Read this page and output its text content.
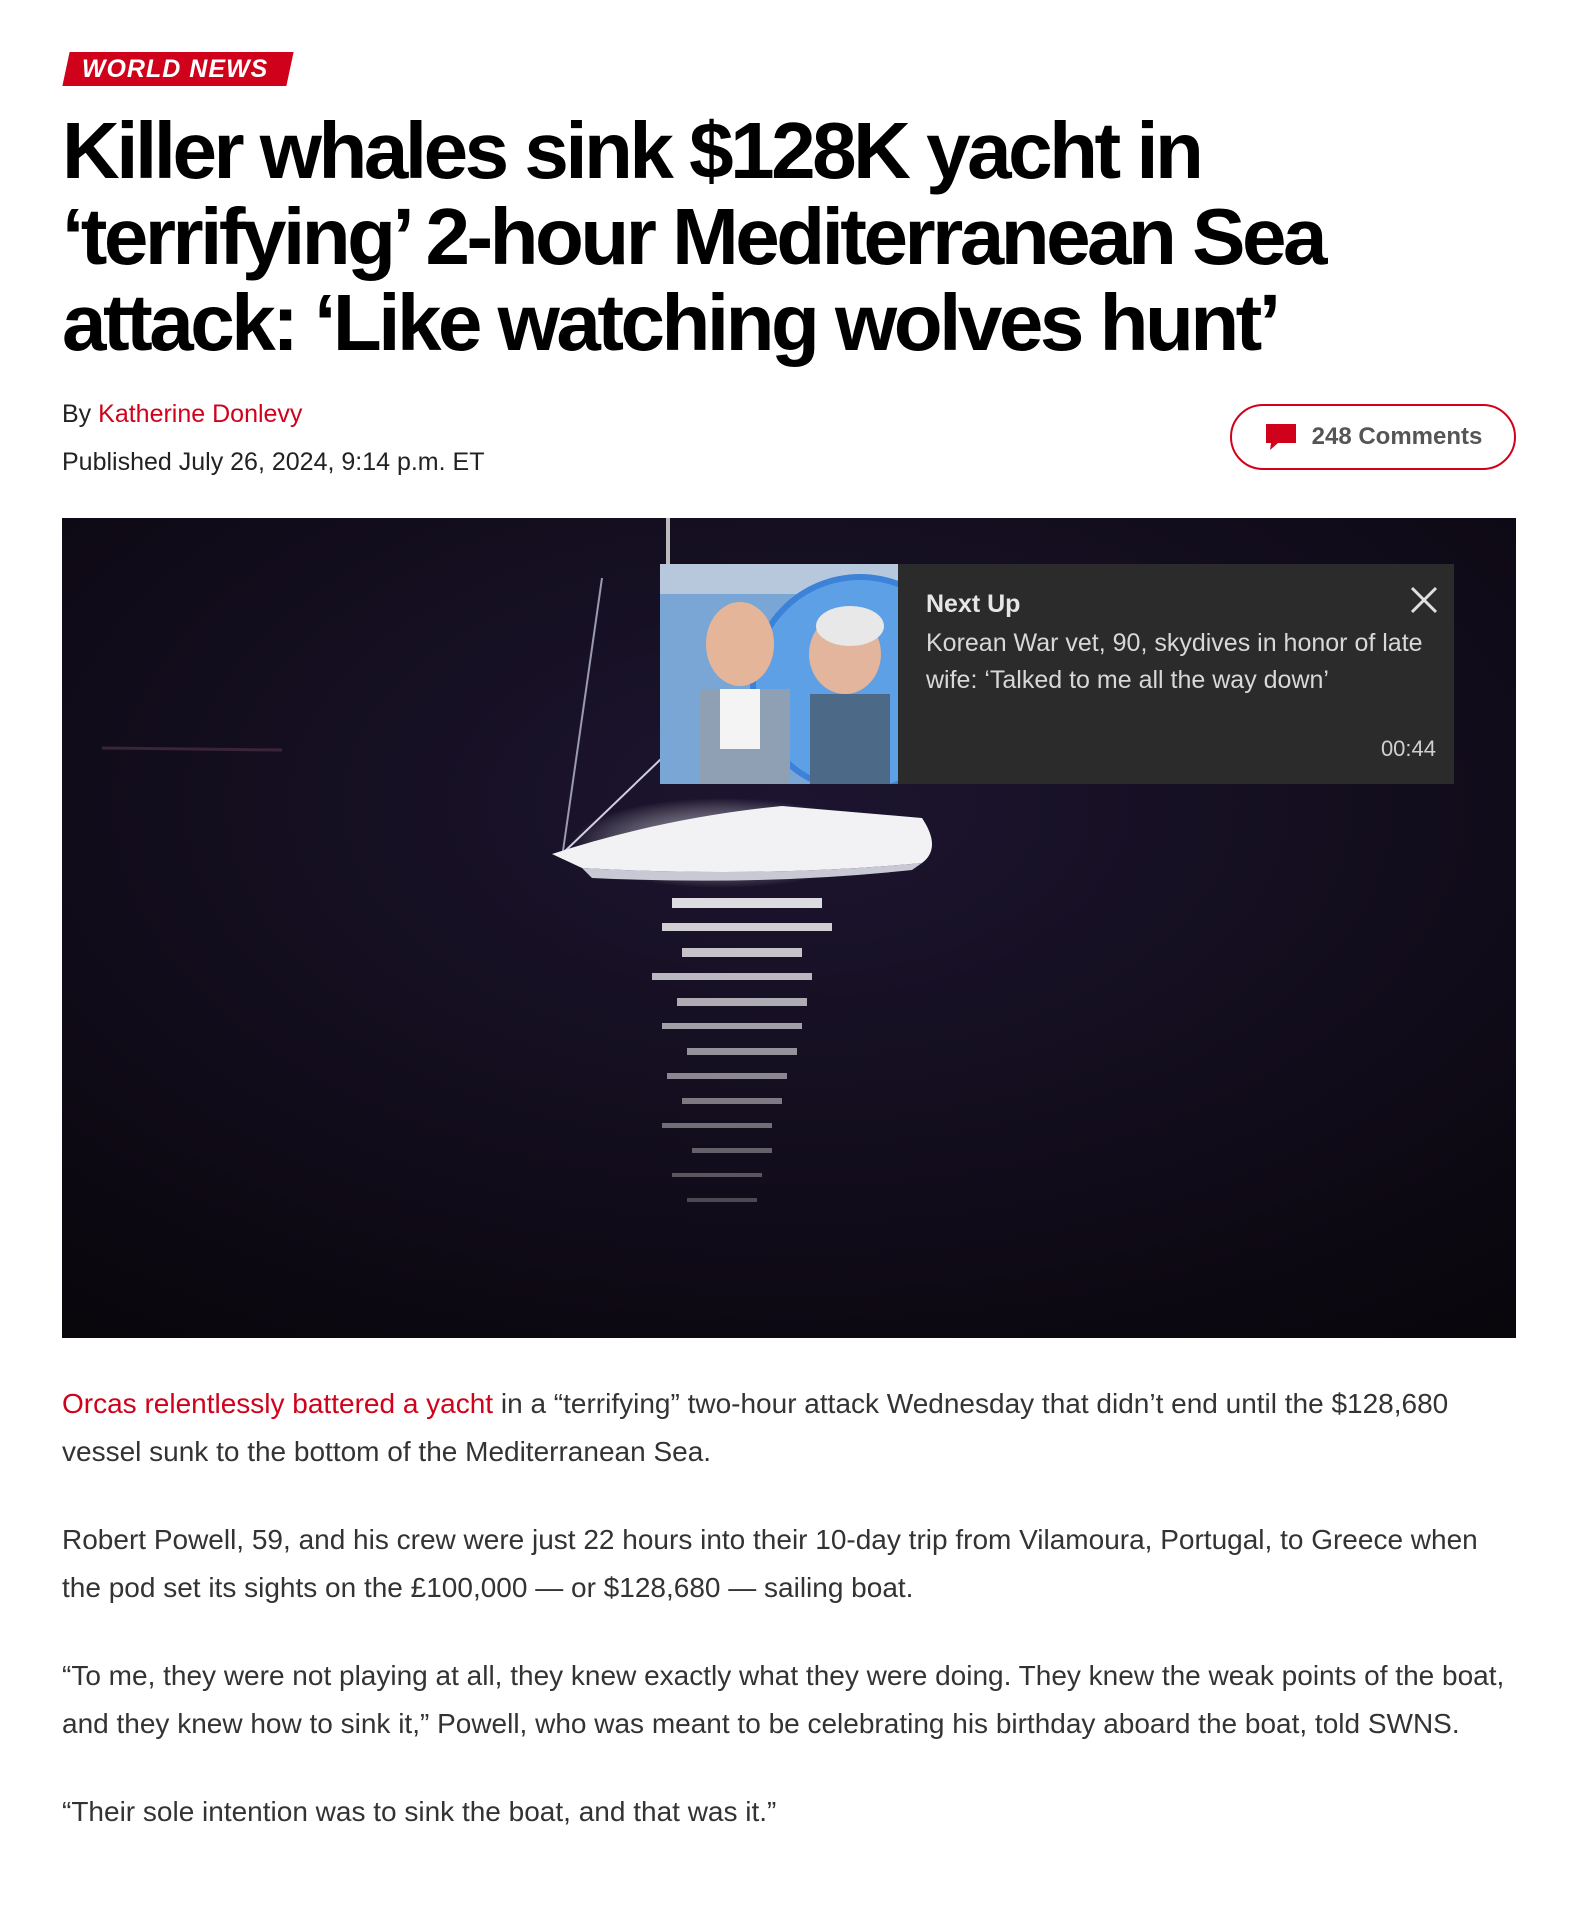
WORLD NEWS
Killer whales sink $128K yacht in ‘terrifying’ 2-hour Mediterranean Sea attack: ‘Like watching wolves hunt’
By Katherine Donlevy
Published July 26, 2024, 9:14 p.m. ET
248 Comments
Next Up
Korean War vet, 90, skydives in honor of late wife: ‘Talked to me all the way down’
00:44

Orcas relentlessly battered a yacht in a “terrifying” two-hour attack Wednesday that didn’t end until the $128,680 vessel sunk to the bottom of the Mediterranean Sea.

Robert Powell, 59, and his crew were just 22 hours into their 10-day trip from Vilamoura, Portugal, to Greece when the pod set its sights on the £100,000 — or $128,680 — sailing boat.

“To me, they were not playing at all, they knew exactly what they were doing. They knew the weak points of the boat, and they knew how to sink it,” Powell, who was meant to be celebrating his birthday aboard the boat, told SWNS.

“Their sole intention was to sink the boat, and that was it.”
